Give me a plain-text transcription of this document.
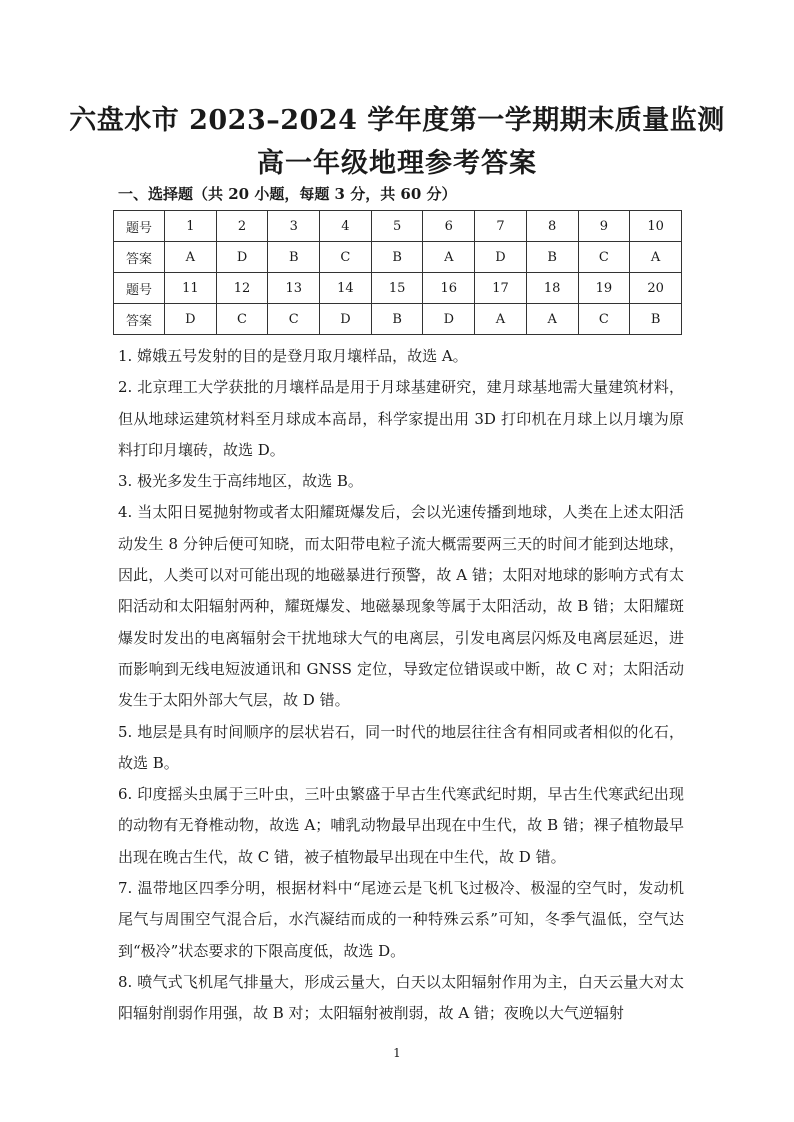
六盘水市 2023–2024 学年度第一学期期末质量监测
高一年级地理参考答案
一、选择题（共 20 小题，每题 3 分，共 60 分）
题号	1	2	3	4	5	6	7	8	9	10
答案	A	D	B	C	B	A	D	B	C	A
题号	11	12	13	14	15	16	17	18	19	20
答案	D	C	C	D	B	D	A	A	C	B

1. 嫦娥五号发射的目的是登月取月壤样品，故选 A。

2. 北京理工大学获批的月壤样品是用于月球基建研究，建月球基地需大量建筑材料，但从地球运建筑材料至月球成本高昂，科学家提出用 3D 打印机在月球上以月壤为原料打印月壤砖，故选 D。

3. 极光多发生于高纬地区，故选 B。

4. 当太阳日冕抛射物或者太阳耀斑爆发后，会以光速传播到地球，人类在上述太阳活动发生 8 分钟后便可知晓，而太阳带电粒子流大概需要两三天的时间才能到达地球，因此，人类可以对可能出现的地磁暴进行预警，故 A 错；太阳对地球的影响方式有太阳活动和太阳辐射两种，耀斑爆发、地磁暴现象等属于太阳活动，故 B 错；太阳耀斑爆发时发出的电离辐射会干扰地球大气的电离层，引发电离层闪烁及电离层延迟，进而影响到无线电短波通讯和 GNSS 定位，导致定位错误或中断，故 C 对；太阳活动发生于太阳外部大气层，故 D 错。

5. 地层是具有时间顺序的层状岩石，同一时代的地层往往含有相同或者相似的化石，故选 B。

6. 印度摇头虫属于三叶虫，三叶虫繁盛于早古生代寒武纪时期，早古生代寒武纪出现的动物有无脊椎动物，故选 A；哺乳动物最早出现在中生代，故 B 错；裸子植物最早出现在晚古生代，故 C 错，被子植物最早出现在中生代，故 D 错。

7. 温带地区四季分明，根据材料中“尾迹云是飞机飞过极冷、极湿的空气时，发动机尾气与周围空气混合后，水汽凝结而成的一种特殊云系”可知，冬季气温低，空气达到“极冷”状态要求的下限高度低，故选 D。

8. 喷气式飞机尾气排量大，形成云量大，白天以太阳辐射作用为主，白天云量大对太阳辐射削弱作用强，故 B 对；太阳辐射被削弱，故 A 错；夜晚以大气逆辐射

1
